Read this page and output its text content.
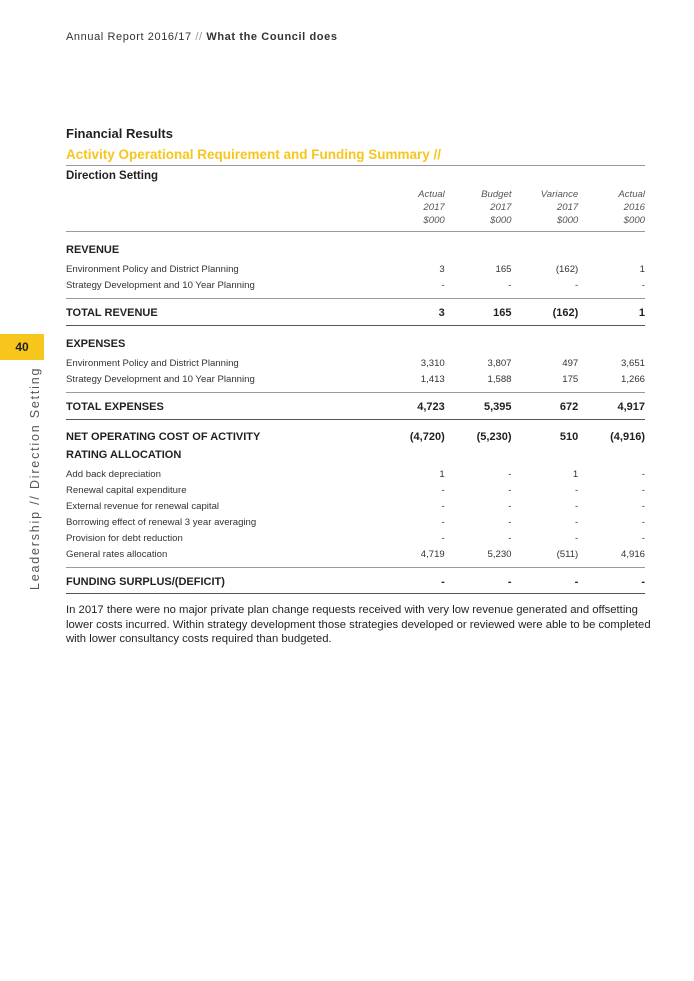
Annual Report 2016/17 // What the Council does
40
Leadership // Direction Setting
Financial Results
Activity Operational Requirement and Funding Summary //
Direction Setting
	Actual	Budget	Variance	Actual
	2017	2017	2017	2016
	$000	$000	$000	$000
REVENUE				
Environment Policy and District Planning	3	165	(162)	1
Strategy Development and 10 Year Planning	-	-	-	-
TOTAL REVENUE	3	165	(162)	1
EXPENSES				
Environment Policy and District Planning	3,310	3,807	497	3,651
Strategy Development and 10 Year Planning	1,413	1,588	175	1,266
TOTAL EXPENSES	4,723	5,395	672	4,917
NET OPERATING COST OF ACTIVITY	(4,720)	(5,230)	510	(4,916)
RATING ALLOCATION				
Add back depreciation	1	-	1	-
Renewal capital expenditure	-	-	-	-
External revenue for renewal capital	-	-	-	-
Borrowing effect of renewal 3 year averaging	-	-	-	-
Provision for debt reduction	-	-	-	-
General rates allocation	4,719	5,230	(511)	4,916
FUNDING SURPLUS/(DEFICIT)	-	-	-	-

In 2017 there were no major private plan change requests received with very low revenue generated and offsetting lower costs incurred. Within strategy development those strategies developed or reviewed were able to be completed with lower consultancy costs required than budgeted.
